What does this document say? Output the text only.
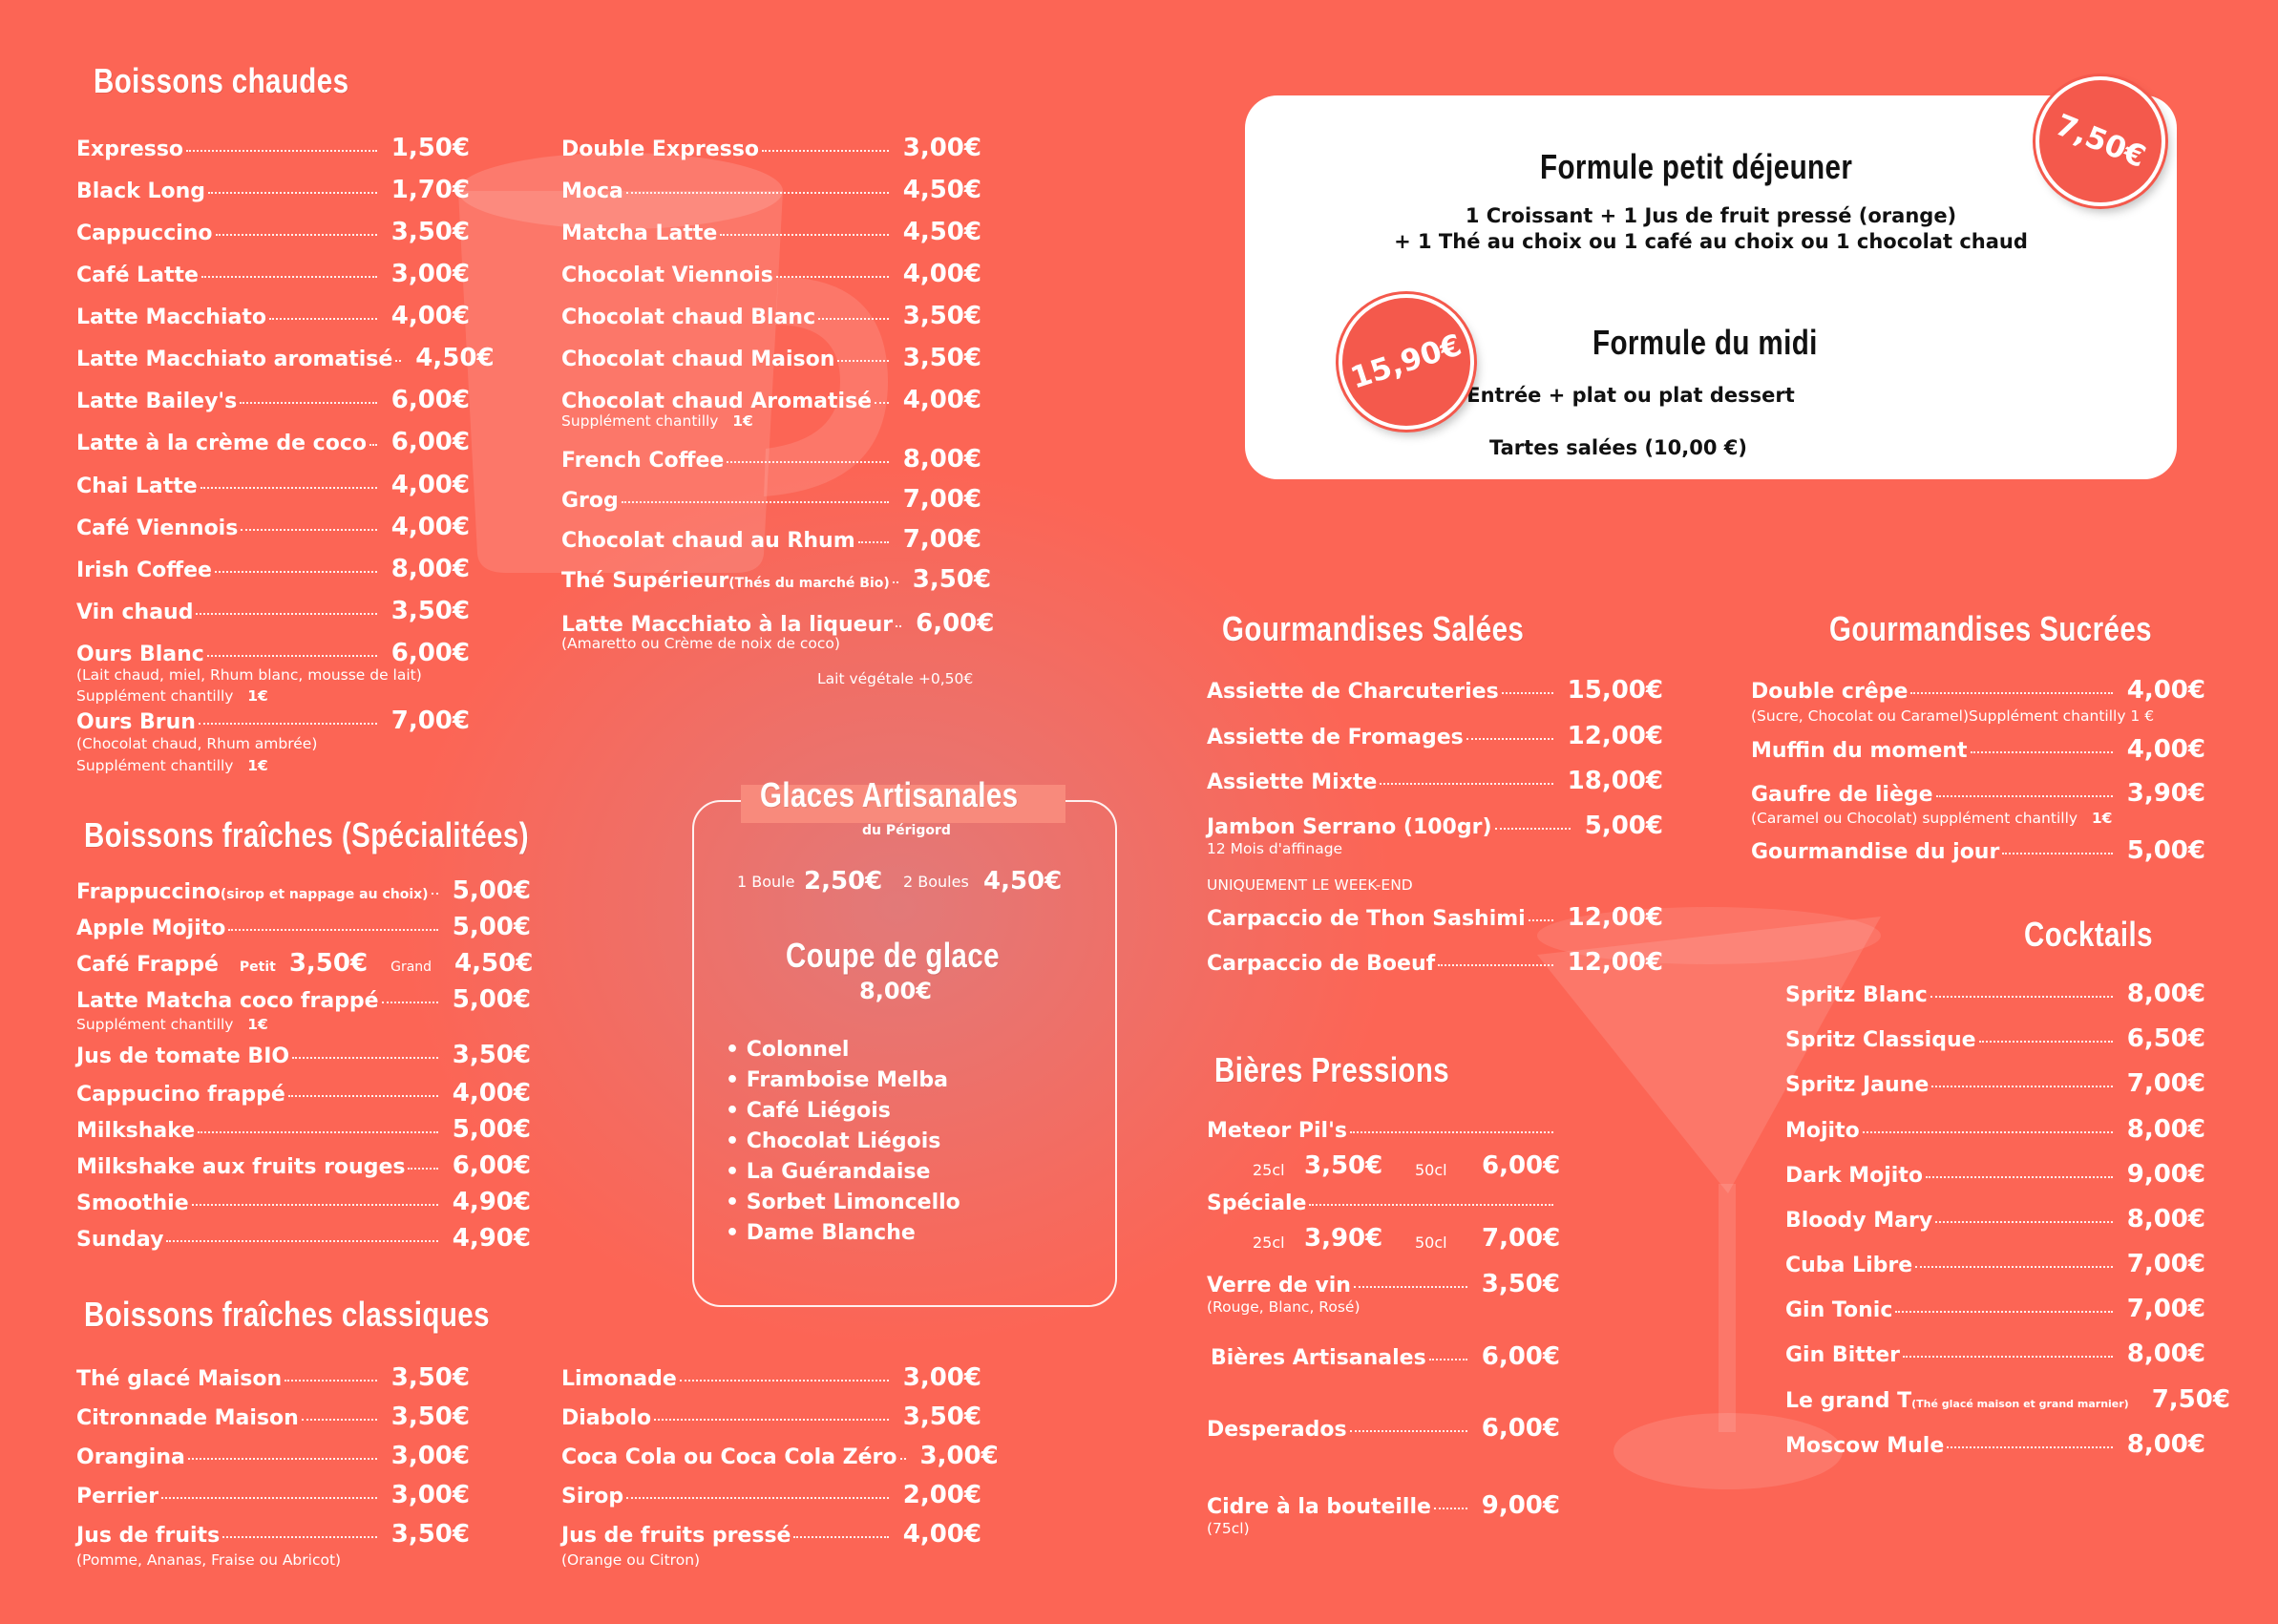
Boissons chaudes
Expresso	1,50€
Black Long	1,70€
Cappuccino	3,50€
Café Latte	3,00€
Latte Macchiato	4,00€
Latte Macchiato aromatisé 4,50€
Latte Bailey's	6,00€
Latte à la crème de coco 6,00€
Chai Latte	4,00€
Café Viennois	4,00€
Irish Coffee	8,00€
Vin chaud	3,50€
Ours Blanc	6,00€
Ours Brun	7,00€
Double Expresso	3,00€
Moca	4,50€
Matcha Latte	4,50€
Chocolat Viennois	4,00€
Chocolat chaud Blanc	3,50€
Chocolat chaud Maison	3,50€
Chocolat chaud Aromatisé 4,00€
French Coffee	8,00€
Grog	7,00€
Chocolat chaud au Rhum 7,00€
Thé Supérieur (Thés du marché Bio) 3,50€
Latte Macchiato à la liqueur 6,00€
(Lait chaud, miel, Rhum blanc, mousse de lait)
Supplément chantilly 1€
(Chocolat chaud, Rhum ambrée)
Supplément chantilly 1€
Supplément chantilly 1€
(Amaretto ou Crème de noix de coco)
Lait végétale +0,50€
Boissons fraîches (Spécialitées)
Frappuccino (sirop et nappage au choix) 5,00€
Apple Mojito	5,00€
Café Frappé Petit 3,50€ Grand 4,50€
Latte Matcha coco frappé	5,00€
Jus de tomate BIO	3,50€
Cappucino frappé	4,00€
Milkshake	5,00€
Milkshake aux fruits rouges 6,00€
Smoothie	4,90€
Sunday	4,90€
Supplément chantilly 1€
Boissons fraîches classiques
Thé glacé Maison	3,50€
Citronnade Maison	3,50€
Orangina	3,00€
Perrier	3,00€
Jus de fruits	3,50€
Limonade	3,00€
Diabolo	3,50€
Coca Cola ou Coca Cola Zéro 3,00€
Sirop	2,00€
Jus de fruits pressé	4,00€
(Pomme, Ananas, Fraise ou Abricot)	(Orange ou Citron)
Glaces Artisanales
du Périgord
1 Boule 2,50€ 2 Boules 4,50€
Coupe de glace
8,00€
• Colonnel
• Framboise Melba
• Café Liégois
• Chocolat Liégois
• La Guérandaise
• Sorbet Limoncello
• Dame Blanche
Formule petit déjeuner
1 Croissant + 1 Jus de fruit pressé (orange)
+ 1 Thé au choix ou 1 café au choix ou 1 chocolat chaud
7,50€
Formule du midi
Entrée + plat ou plat dessert
Tartes salées (10,00 €)
15,90€
Gourmandises Salées
Assiette de Charcuteries	15,00€
Assiette de Fromages	12,00€
Assiette Mixte	18,00€
Jambon Serrano (100gr)	5,00€
Carpaccio de Thon Sashimi 12,00€
Carpaccio de Boeuf	12,00€
12 Mois d'affinage
UNIQUEMENT LE WEEK-END
Gourmandises Sucrées
Double crêpe	4,00€
Muffin du moment	4,00€
Gaufre de liège	3,90€
Gourmandise du jour	5,00€
(Sucre, Chocolat ou Caramel)Supplément chantilly 1 €
(Caramel ou Chocolat) supplément chantilly 1€
Bières Pressions
Meteor Pil's
25cl 3,50€ 50cl 6,00€
Spéciale
25cl 3,90€ 50cl 7,00€
Verre de vin	3,50€
Bières Artisanales 6,00€
Desperados	6,00€
Cidre à la bouteille 9,00€
(Rouge, Blanc, Rosé)
(75cl)
Cocktails
Spritz Blanc	8,00€
Spritz Classique	6,50€
Spritz Jaune	7,00€
Mojito	8,00€
Dark Mojito	9,00€
Bloody Mary	8,00€
Cuba Libre	7,00€
Gin Tonic	7,00€
Gin Bitter	8,00€
Le grand T (Thé glacé maison et grand marnier) 7,50€
Moscow Mule	8,00€
